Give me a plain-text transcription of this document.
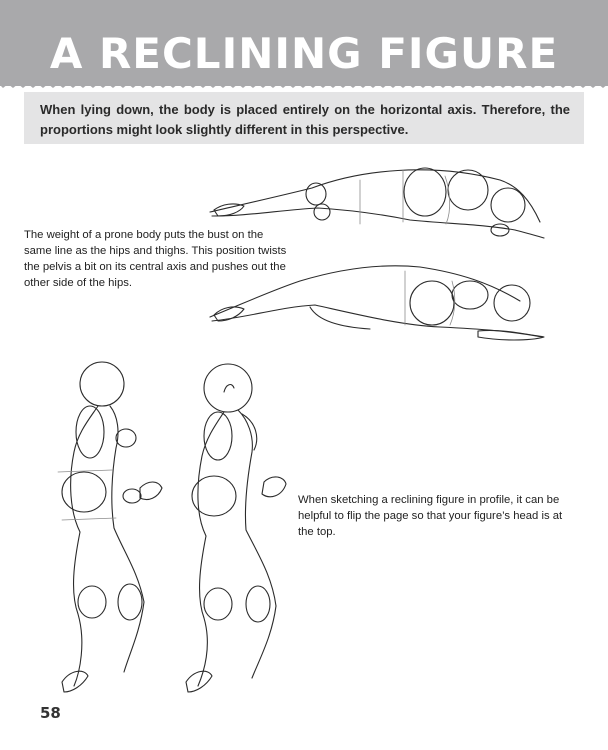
A RECLINING FIGURE
When lying down, the body is placed entirely on the horizontal axis. Therefore, the proportions might look slightly different in this perspective.
The weight of a prone body puts the bust on the same line as the hips and thighs. This position twists the pelvis a bit on its central axis and pushes out the other side of the hips.
When sketching a reclining figure in profile, it can be helpful to flip the page so that your figure’s head is at the top.
58
